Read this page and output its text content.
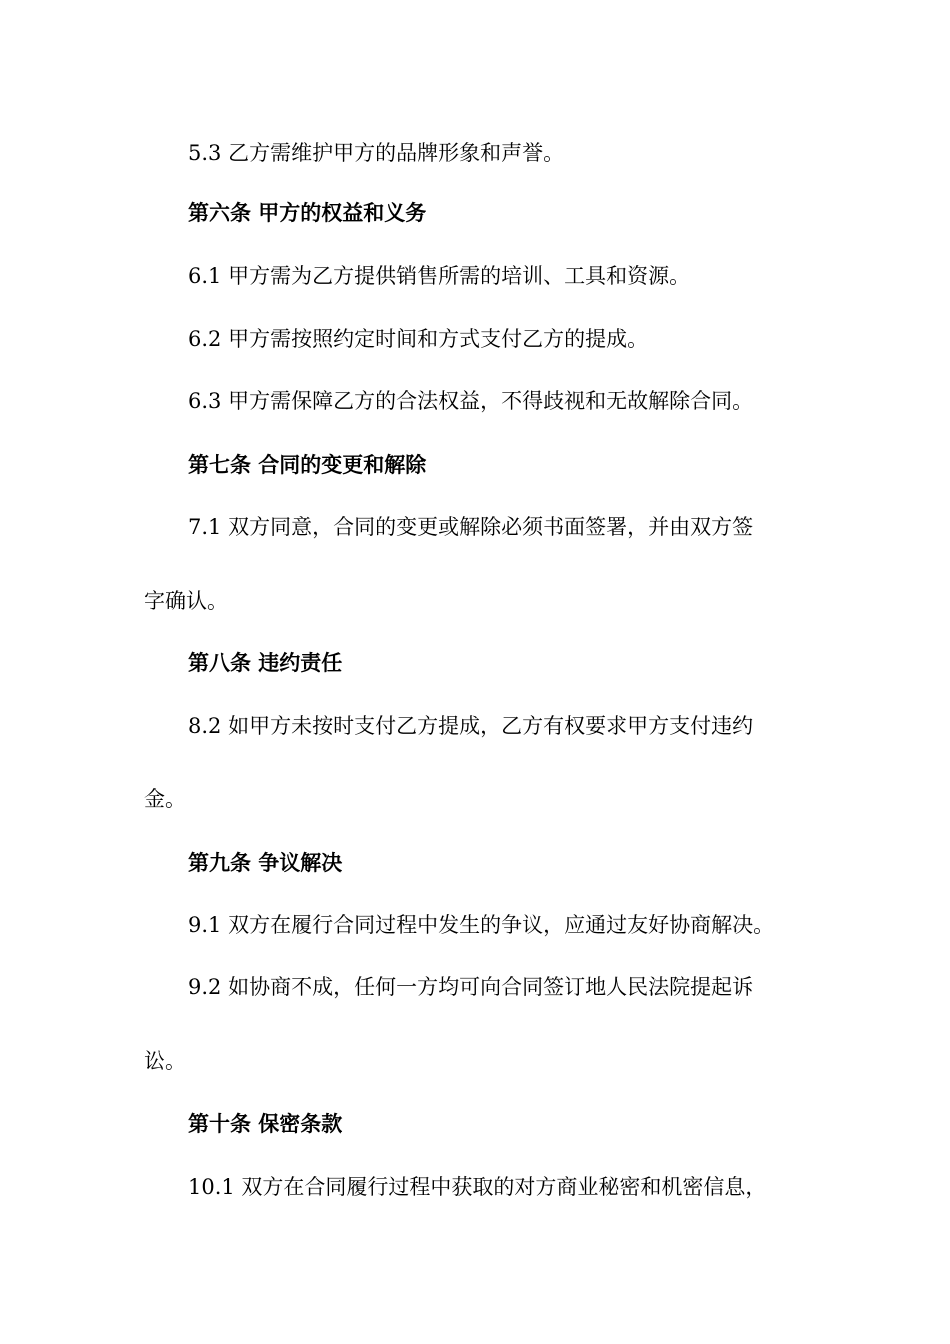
5.3 乙方需维护甲方的品牌形象和声誉。
第六条 甲方的权益和义务
6.1 甲方需为乙方提供销售所需的培训、工具和资源。
6.2 甲方需按照约定时间和方式支付乙方的提成。
6.3 甲方需保障乙方的合法权益，不得歧视和无故解除合同。
第七条 合同的变更和解除
7.1 双方同意，合同的变更或解除必须书面签署，并由双方签
字确认。
第八条 违约责任
8.2 如甲方未按时支付乙方提成，乙方有权要求甲方支付违约
金。
第九条 争议解决
9.1 双方在履行合同过程中发生的争议，应通过友好协商解决。
9.2 如协商不成，任何一方均可向合同签订地人民法院提起诉
讼。
第十条 保密条款
10.1 双方在合同履行过程中获取的对方商业秘密和机密信息，
